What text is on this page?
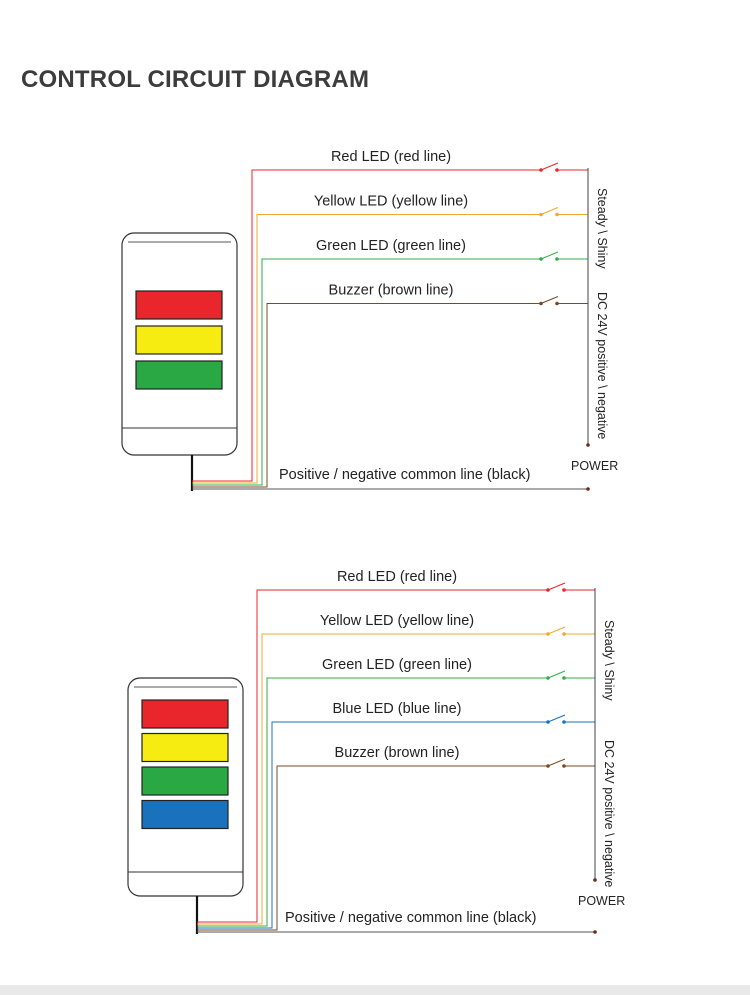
CONTROL CIRCUIT DIAGRAM
Red LED (red line)
Yellow LED (yellow line)
Green LED (green line)
Buzzer (brown line)
Positive / negative common line (black)
POWER
Steady \ Shiny
DC 24V positive \ negative
Red LED (red line)
Yellow LED (yellow line)
Green LED (green line)
Blue LED (blue line)
Buzzer (brown line)
Positive / negative common line (black)
POWER
Steady \ Shiny
DC 24V positive \ negative
